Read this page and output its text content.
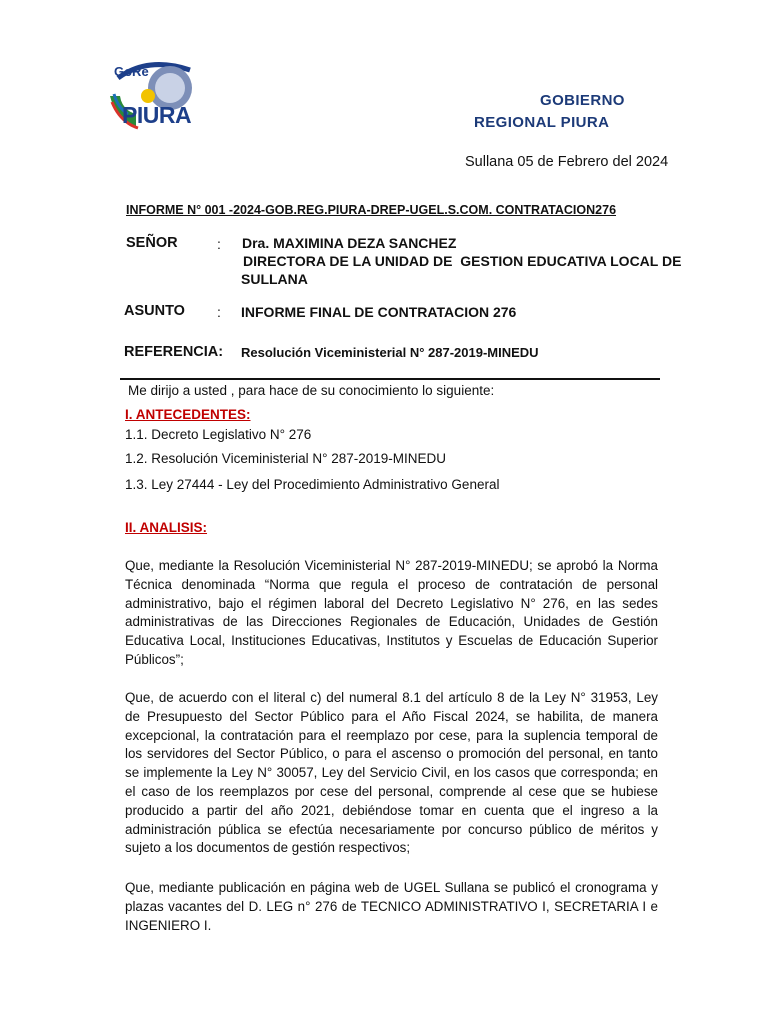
GoRe
PIURA
GOBIERNO
REGIONAL PIURA
Sullana 05 de Febrero del 2024
INFORME N° 001 -2024-GOB.REG.PIURA-DREP-UGEL.S.COM. CONTRATACION276
SEÑOR	: Dra. MAXIMINA DEZA SANCHEZ
DIRECTORA DE LA UNIDAD DE  GESTION EDUCATIVA LOCAL DE
SULLANA
ASUNTO : INFORME FINAL DE CONTRATACION 276
REFERENCIA: Resolución Viceministerial N° 287-2019-MINEDU
Me dirijo a usted , para hace de su conocimiento lo siguiente:
I. ANTECEDENTES:
1.1. Decreto Legislativo N° 276
1.2. Resolución Viceministerial N° 287-2019-MINEDU
1.3. Ley 27444 - Ley del Procedimiento Administrativo General
II. ANALISIS:
Que, mediante la Resolución Viceministerial N° 287-2019-MINEDU; se aprobó la Norma
Técnica denominada “Norma que regula el proceso de contratación de personal
administrativo, bajo el régimen laboral del Decreto Legislativo N° 276, en las sedes
administrativas de las Direcciones Regionales de Educación, Unidades de Gestión
Educativa Local, Instituciones Educativas, Institutos y Escuelas de Educación Superior
Públicos”;
Que, de acuerdo con el literal c) del numeral 8.1 del artículo 8 de la Ley N° 31953, Ley
de Presupuesto del Sector Público para el Año Fiscal 2024, se habilita, de manera
excepcional, la contratación para el reemplazo por cese, para la suplencia temporal de
los servidores del Sector Público, o para el ascenso o promoción del personal, en tanto
se implemente la Ley N° 30057, Ley del Servicio Civil, en los casos que corresponda; en
el caso de los reemplazos por cese del personal, comprende al cese que se hubiese
producido a partir del año 2021, debiéndose tomar en cuenta que el ingreso a la
administración pública se efectúa necesariamente por concurso público de méritos y
sujeto a los documentos de gestión respectivos;
Que, mediante publicación en página web de UGEL Sullana se publicó el cronograma y
plazas vacantes del D. LEG n° 276 de TECNICO ADMINISTRATIVO I, SECRETARIA I e
INGENIERO I.
